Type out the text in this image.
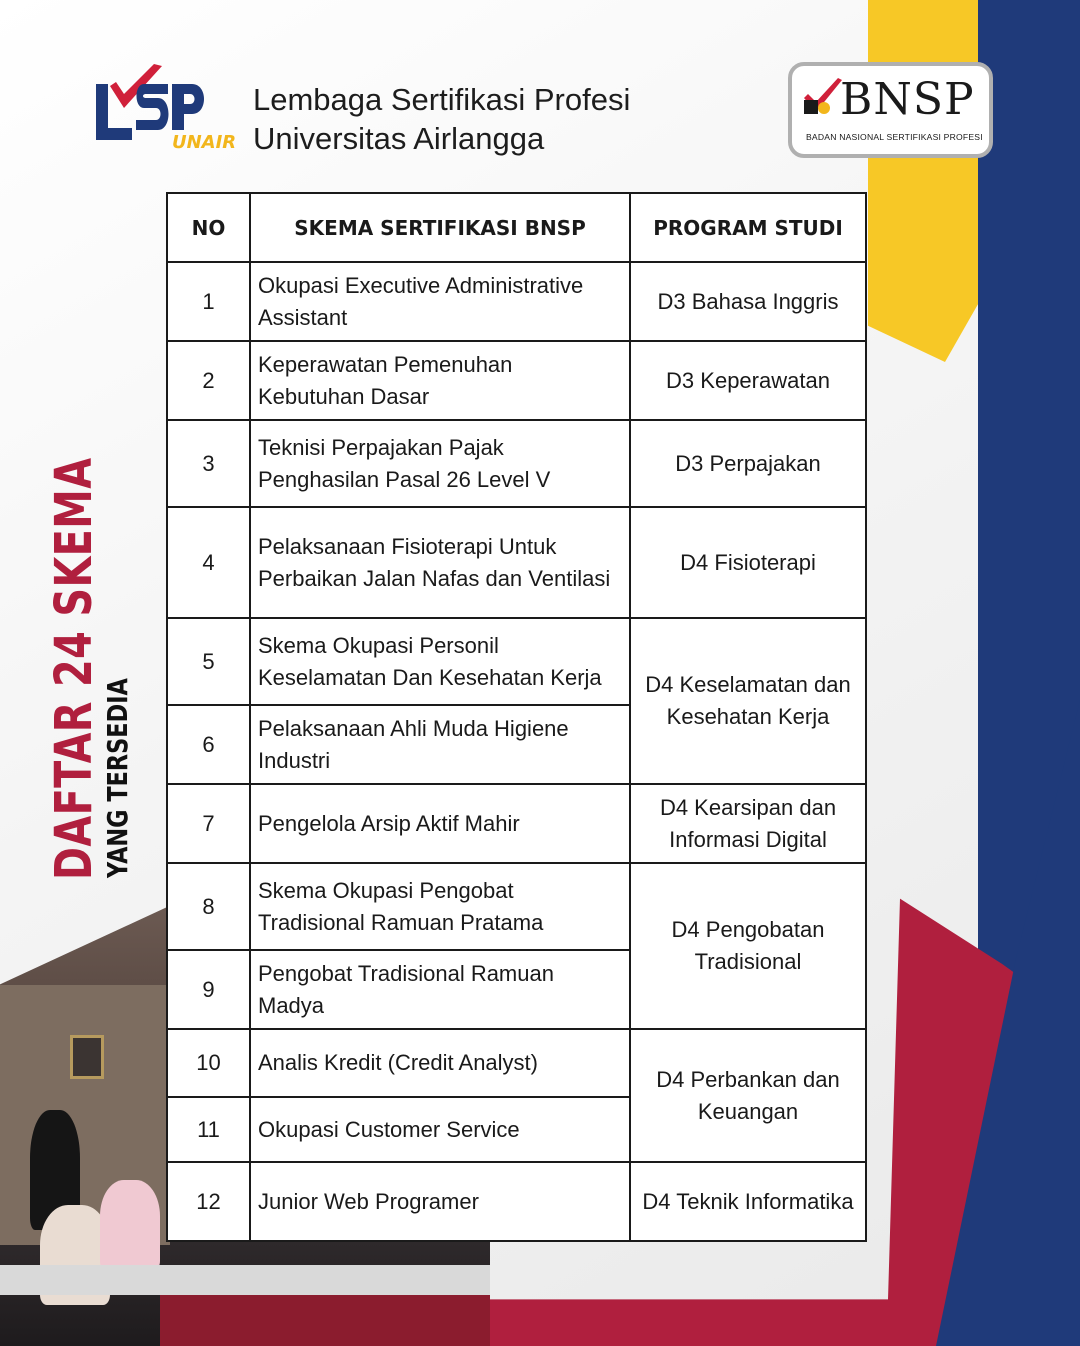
UNAIR
Lembaga Sertifikasi Profesi
Universitas Airlangga
BNSP
BADAN NASIONAL SERTIFIKASI PROFESI
DAFTAR 24 SKEMA
YANG TERSEDIA
NO	SKEMA SERTIFIKASI BNSP	PROGRAM STUDI
1	Okupasi Executive Administrative Assistant	D3 Bahasa Inggris
2	Keperawatan Pemenuhan Kebutuhan Dasar	D3 Keperawatan
3	Teknisi Perpajakan Pajak Penghasilan Pasal 26 Level V	D3 Perpajakan
4	Pelaksanaan Fisioterapi Untuk Perbaikan Jalan Nafas dan Ventilasi	D4 Fisioterapi
5	Skema Okupasi Personil Keselamatan Dan Kesehatan Kerja	D4 Keselamatan dan Kesehatan Kerja
6	Pelaksanaan Ahli Muda Higiene Industri	
7	Pengelola Arsip Aktif Mahir	D4 Kearsipan dan Informasi Digital
8	Skema Okupasi Pengobat Tradisional Ramuan Pratama	D4 Pengobatan Tradisional
9	Pengobat Tradisional Ramuan Madya	
10	Analis Kredit (Credit Analyst)	D4 Perbankan dan Keuangan
11	Okupasi Customer Service	
12	Junior Web Programer	D4 Teknik Informatika
